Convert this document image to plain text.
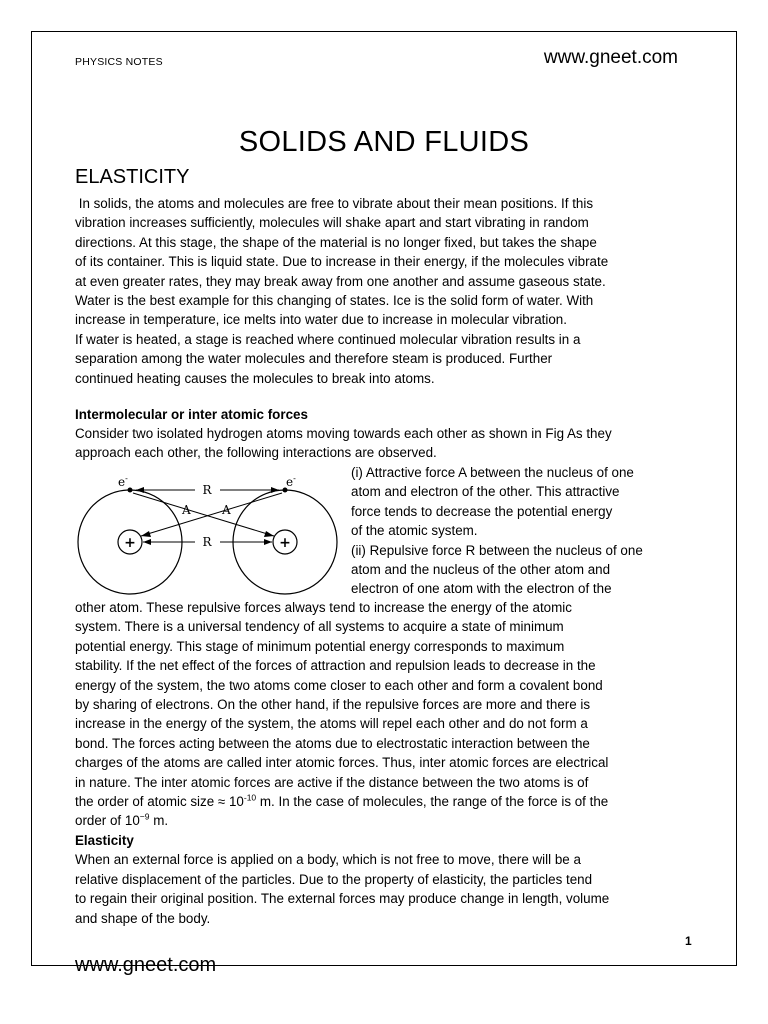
PHYSICS NOTES	www.gneet.com
SOLIDS AND FLUIDS
ELASTICITY

In solids, the atoms and molecules are free to vibrate about their mean positions. If this

vibration increases sufficiently, molecules will shake apart and start vibrating in random

directions. At this stage, the shape of the material is no longer fixed, but takes the shape

of its container. This is liquid state. Due to increase in their energy, if the molecules vibrate

at even greater rates, they may break away from one another and assume gaseous state.

Water is the best example for this changing of states. Ice is the solid form of water. With

increase in temperature, ice melts into water due to increase in molecular vibration.

If water is heated, a stage is reached where continued molecular vibration results in a

separation among the water molecules and therefore steam is produced. Further

continued heating causes the molecules to break into atoms.

Intermolecular or inter atomic forces

Consider two isolated hydrogen atoms moving towards each other as shown in Fig As they

approach each other, the following interactions are observed.

+	+
e-	e-
R
R
A	A

(i) Attractive force A between the nucleus of one

atom and electron of the other. This attractive

force tends to decrease the potential energy

of the atomic system.

(ii) Repulsive force R between the nucleus of one

atom and the nucleus of the other atom and

electron of one atom with the electron of the

other atom. These repulsive forces always tend to increase the energy of the atomic

system. There is a universal tendency of all systems to acquire a state of minimum

potential energy. This stage of minimum potential energy corresponds to maximum

stability. If the net effect of the forces of attraction and repulsion leads to decrease in the

energy of the system, the two atoms come closer to each other and form a covalent bond

by sharing of electrons. On the other hand, if the repulsive forces are more and there is

increase in the energy of the system, the atoms will repel each other and do not form a

bond. The forces acting between the atoms due to electrostatic interaction between the

charges of the atoms are called inter atomic forces. Thus, inter atomic forces are electrical

in nature. The inter atomic forces are active if the distance between the two atoms is of

the order of atomic size ≈ $10^{-10}$ m. In the case of molecules, the range of the force is of the

order of $10^{-9}$ m.

Elasticity

When an external force is applied on a body, which is not free to move, there will be a

relative displacement of the particles. Due to the property of elasticity, the particles tend

to regain their original position. The external forces may produce change in length, volume

and shape of the body.

1
www.gneet.com
